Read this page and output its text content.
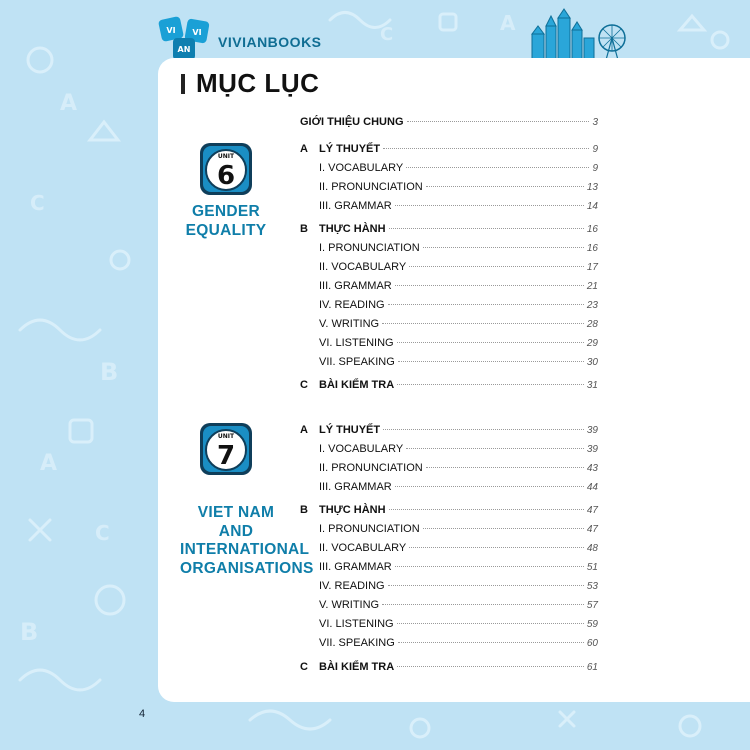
A
C
B
A
C
B
A
C
VI VI
AN VIVIANBOOKS
MỤC LỤC
UNIT
6
GENDER
EQUALITY
UNIT
7
VIET NAM
AND
INTERNATIONAL
ORGANISATIONS
GIỚI THIỆU CHUNG	3
A LÝ THUYẾT	9
I. VOCABULARY	9
II. PRONUNCIATION	13
III. GRAMMAR	14
B THỰC HÀNH	16
I. PRONUNCIATION	16
II. VOCABULARY	17
III. GRAMMAR	21
IV. READING	23
V. WRITING	28
VI. LISTENING	29
VII. SPEAKING	30
C BÀI KIỂM TRA	31
A LÝ THUYẾT	39
I. VOCABULARY	39
II. PRONUNCIATION	43
III. GRAMMAR	44
B THỰC HÀNH	47
I. PRONUNCIATION	47
II. VOCABULARY	48
III. GRAMMAR	51
IV. READING	53
V. WRITING	57
VI. LISTENING	59
VII. SPEAKING	60
C BÀI KIỂM TRA	61
4
